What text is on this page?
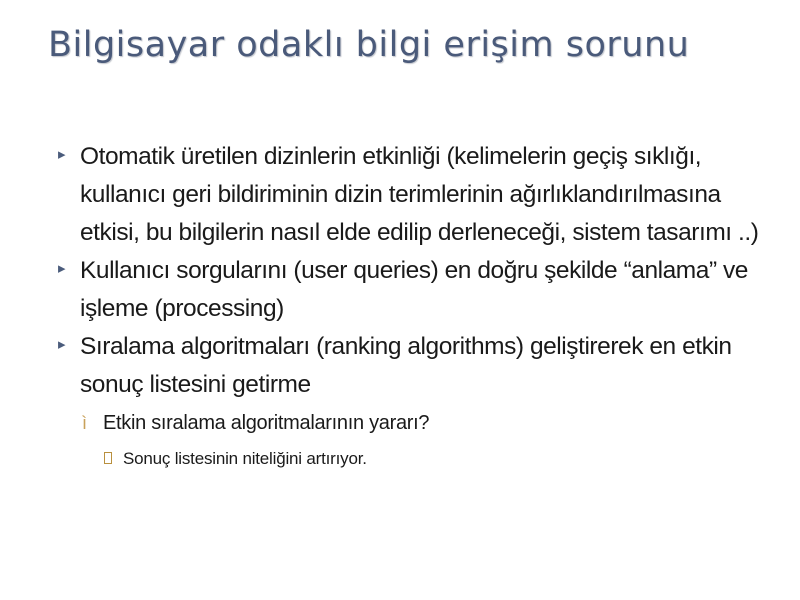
Bilgisayar odaklı bilgi erişim sorunu
▸ Otomatik üretilen dizinlerin etkinliği (kelimelerin geçiş sıklığı, kullanıcı geri bildiriminin dizin terimlerinin ağırlıklandırılmasına etkisi, bu bilgilerin nasıl elde edilip derleneceği, sistem tasarımı ..)
▸ Kullanıcı sorgularını (user queries) en doğru şekilde “anlama” ve işleme (processing)
▸ Sıralama algoritmaları (ranking algorithms) geliştirerek en etkin sonuç listesini getirme
ì Etkin sıralama algoritmalarının yararı?
Sonuç listesinin niteliğini artırıyor.
